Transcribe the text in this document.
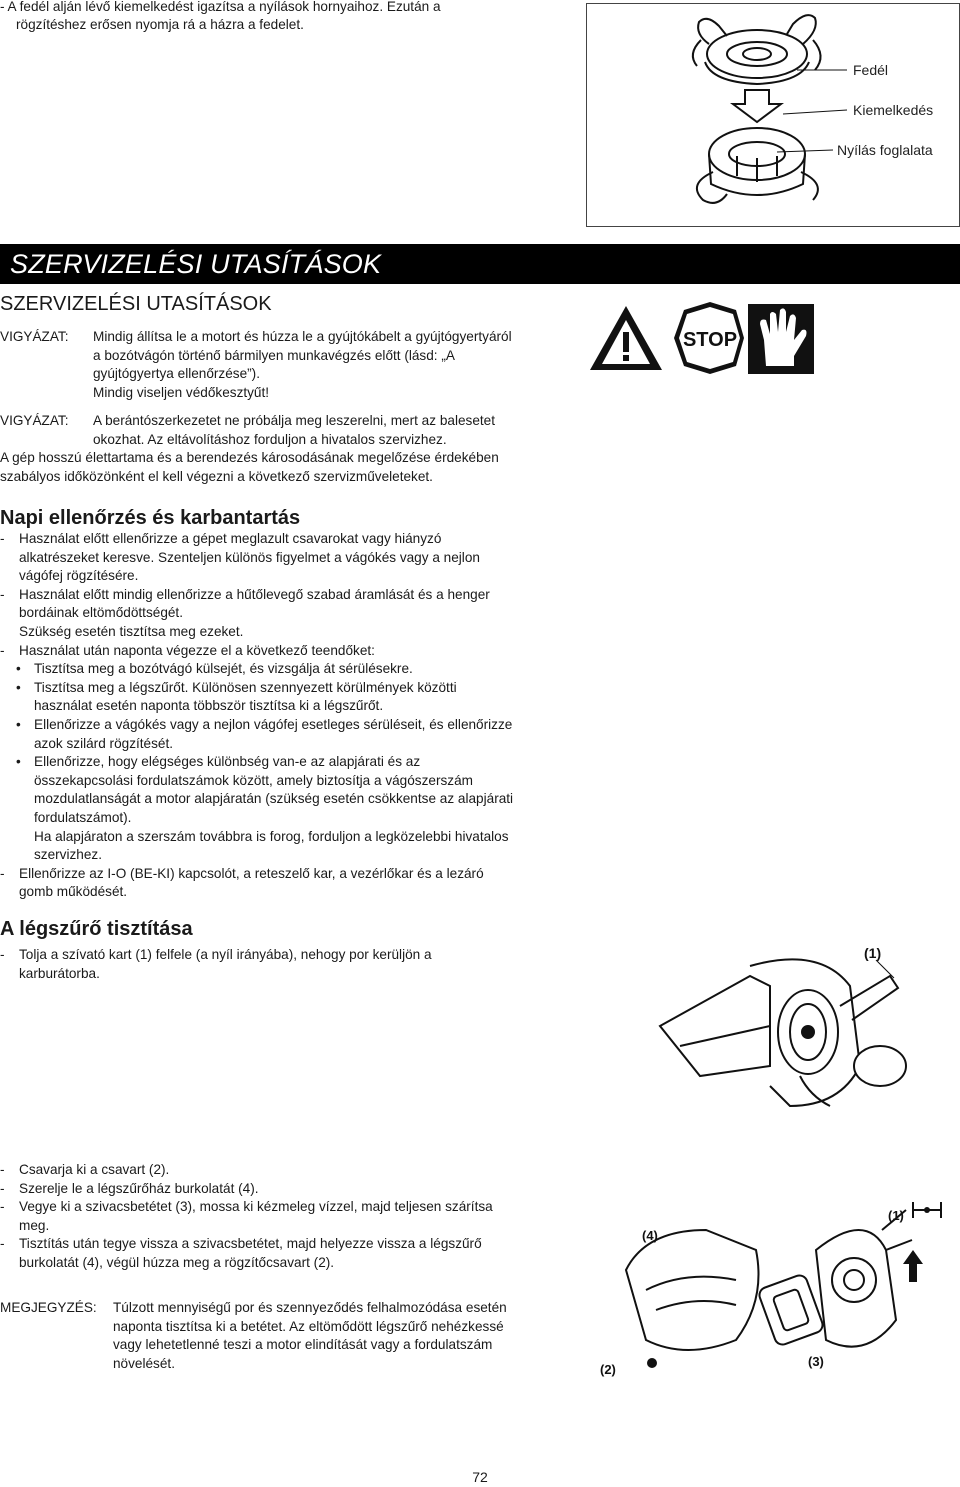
- A fedél alján lévő kiemelkedést igazítsa a nyílások hornyaihoz. Ezután a
rögzítéshez erősen nyomja rá a házra a fedelet.
Fedél
Kiemelkedés
Nyílás foglalata
SZERVIZELÉSI UTASÍTÁSOK
SZERVIZELÉSI UTASÍTÁSOK
VIGYÁZAT: Mindig állítsa le a motort és húzza le a gyújtókábelt a gyújtógyertyáról
a bozótvágón történő bármilyen munkavégzés előtt (lásd: „A
gyújtógyertya ellenőrzése”).
Mindig viseljen védőkesztyűt!
VIGYÁZAT: A berántószerkezetet ne próbálja meg leszerelni, mert az balesetet
okozhat. Az eltávolításhoz forduljon a hivatalos szervizhez.
STOP
A gép hosszú élettartama és a berendezés károsodásának megelőzése érdekében
szabályos időközönként el kell végezni a következő szervizműveleteket.
Napi ellenőrzés és karbantartás
- Használat előtt ellenőrizze a gépet meglazult csavarokat vagy hiányzó
alkatrészeket keresve. Szenteljen különös figyelmet a vágókés vagy a nejlon
vágófej rögzítésére.
- Használat előtt mindig ellenőrizze a hűtőlevegő szabad áramlását és a henger
bordáinak eltömődöttségét.
Szükség esetén tisztítsa meg ezeket.
- Használat után naponta végezze el a következő teendőket:
• Tisztítsa meg a bozótvágó külsejét, és vizsgálja át sérülésekre.
• Tisztítsa meg a légszűrőt. Különösen szennyezett körülmények közötti
használat esetén naponta többször tisztítsa ki a légszűrőt.
• Ellenőrizze a vágókés vagy a nejlon vágófej esetleges sérüléseit, és ellenőrizze
azok szilárd rögzítését.
• Ellenőrizze, hogy elégséges különbség van-e az alapjárati és az
összekapcsolási fordulatszámok között, amely biztosítja a vágószerszám
mozdulatlanságát a motor alapjáratán (szükség esetén csökkentse az alapjárati
fordulatszámot).
Ha alapjáraton a szerszám továbbra is forog, forduljon a legközelebbi hivatalos
szervizhez.
- Ellenőrizze az I-O (BE-KI) kapcsolót, a reteszelő kar, a vezérlőkar és a lezáró
gomb működését.
A légszűrő tisztítása
- Tolja a szívató kart (1) felfele (a nyíl irányába), nehogy por kerüljön a
karburátorba.
(1)
- Csavarja ki a csavart (2).
- Szerelje le a légszűrőház burkolatát (4).
- Vegye ki a szivacsbetétet (3), mossa ki kézmeleg vízzel, majd teljesen szárítsa
meg.
- Tisztítás után tegye vissza a szivacsbetétet, majd helyezze vissza a légszűrő
burkolatát (4), végül húzza meg a rögzítőcsavart (2).
(4)
(1)
(2)
(3)
MEGJEGYZÉS: Túlzott mennyiségű por és szennyeződés felhalmozódása esetén
naponta tisztítsa ki a betétet. Az eltömődött légszűrő nehézkessé
vagy lehetetlenné teszi a motor elindítását vagy a fordulatszám
növelését.
72
